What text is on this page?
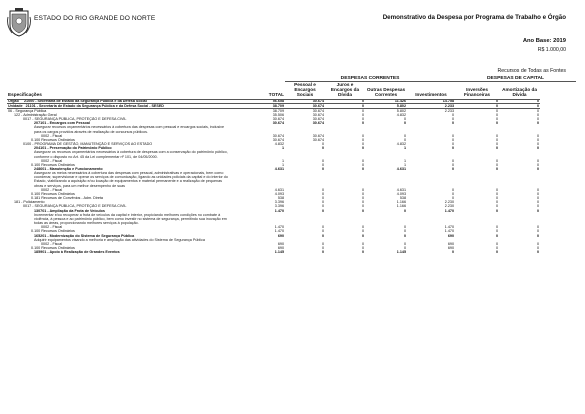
ESTADO DO RIO GRANDE DO NORTE	Demonstrativo da Despesa por Programa de Trabalho e Órgão
Ano Base: 2019
R$ 1.000,00
Recursos de Todas as Fontes
		DESPESAS CORRENTES				DESPESAS DE CAPITAL	
Especificações	TOTAL	Pessoal e Encargos Sociais	Juros e Encargos da Dívida	Outras Despesas Correntes	Investimentos	Inversões Financeiras	Amortização da Dívida

Órgão 21000 - Secretaria de Estado da Segurança Pública e da Defesa Social	56.658	30.674	0	11.426	14.758	0	0

Unidade 21101 - Secretaria de Estado da Segurança Pública e da Defesa Social - SESED	38.709	30.674	0	5.802	2.233	0	0

06 - Segurança Pública	38.709	30.674	0	5.802	2.233	0	0
122 - Administração Geral	35.506	30.674	0	4.832	0	0	0
0017 - SEGURANÇA PÚBLICA, PROTEÇÃO E DEFESA CIVIL	30.674	30.674	0	0	0	0	0
207101 - Encargos com Pessoal	30.674	30.674	0	0	0	0	0
Assegurar recursos orçamentários necessários à cobertura das despesas com pessoal e encargos sociais, inclusive para os cargos providos através de realização de concursos públicos.							
0002 - Fiscal	30.674	30.674	0	0	0	0	0
0.100 Recursos Ordinários	30.674	30.674	0	0	0	0	0
0100 - PROGRAMA DE GESTÃO, MANUTENÇÃO E SERVIÇOS AO ESTADO	4.832	0	0	4.832	0	0	0
204101 - Preservação do Patrimônio Público	1	0	0	1	0	0	0
Assegurar os recursos orçamentários necessários à cobertura de despesas com a conservação do patrimônio público, conforme o disposto no Art. 45 da Lei complementar nº 101, de 04/05/2000.							
0002 - Fiscal	1	0	0	1	0	0	0
0.100 Recursos Ordinários	1	0	0	1	0	0	0
248601 - Manutenção e Funcionamento	4.631	0	0	4.631	0	0	0
Assegurar os meios necessários à cobertura das despesas com pessoal, administrativas e operacionais, bem como coordenar, supervisionar e operar os serviços de comunicação, ligando as unidades policiais da capital e do interior do Estado, viabilizando a aquisição e/ou locação de equipamentos e material permanente e a realização de pequenas obras e serviços, para um melhor desempenho de suas							
0002 - Fiscal	4.631	0	0	4.631	0	0	0
0.100 Recursos Ordinários	4.093	0	0	4.093	0	0	0
0.181 Recursos de Convênios - Adm. Direta	538	0	0	538	0	0	0
181 - Policiamento	3.396	0	0	1.166	2.230	0	0
0017 - SEGURANÇA PÚBLICA, PROTEÇÃO E DEFESA CIVIL	3.396	0	0	1.166	2.230	0	0
130701 - Ampliação da Frota de Veículos	1.470	0	0	0	1.470	0	0
Incrementar e/ou recuperar a frota de veículos da capital e interior, propiciando melhores condições no combate à violência, à pessoa e ao patrimônio público, bem como investir no sistema de segurança, permitindo sua inovação em todas as áreas, proporcionando melhores serviços à população.							
0002 - Fiscal	1.470	0	0	0	1.470	0	0
0.100 Recursos Ordinários	1.470	0	0	0	1.470	0	0
165201 - Modernização do Sistema de Segurança Pública	690	0	0	0	690	0	0
Adquirir equipamentos visando a melhoria e ampliação das atividades do Sistema de Segurança Pública							
0002 - Fiscal	690	0	0	0	690	0	0
0.100 Recursos Ordinários	690	0	0	0	690	0	0
185901 - Apoio à Realização de Grandes Eventos	1.145	0	0	1.145	0	0	0
